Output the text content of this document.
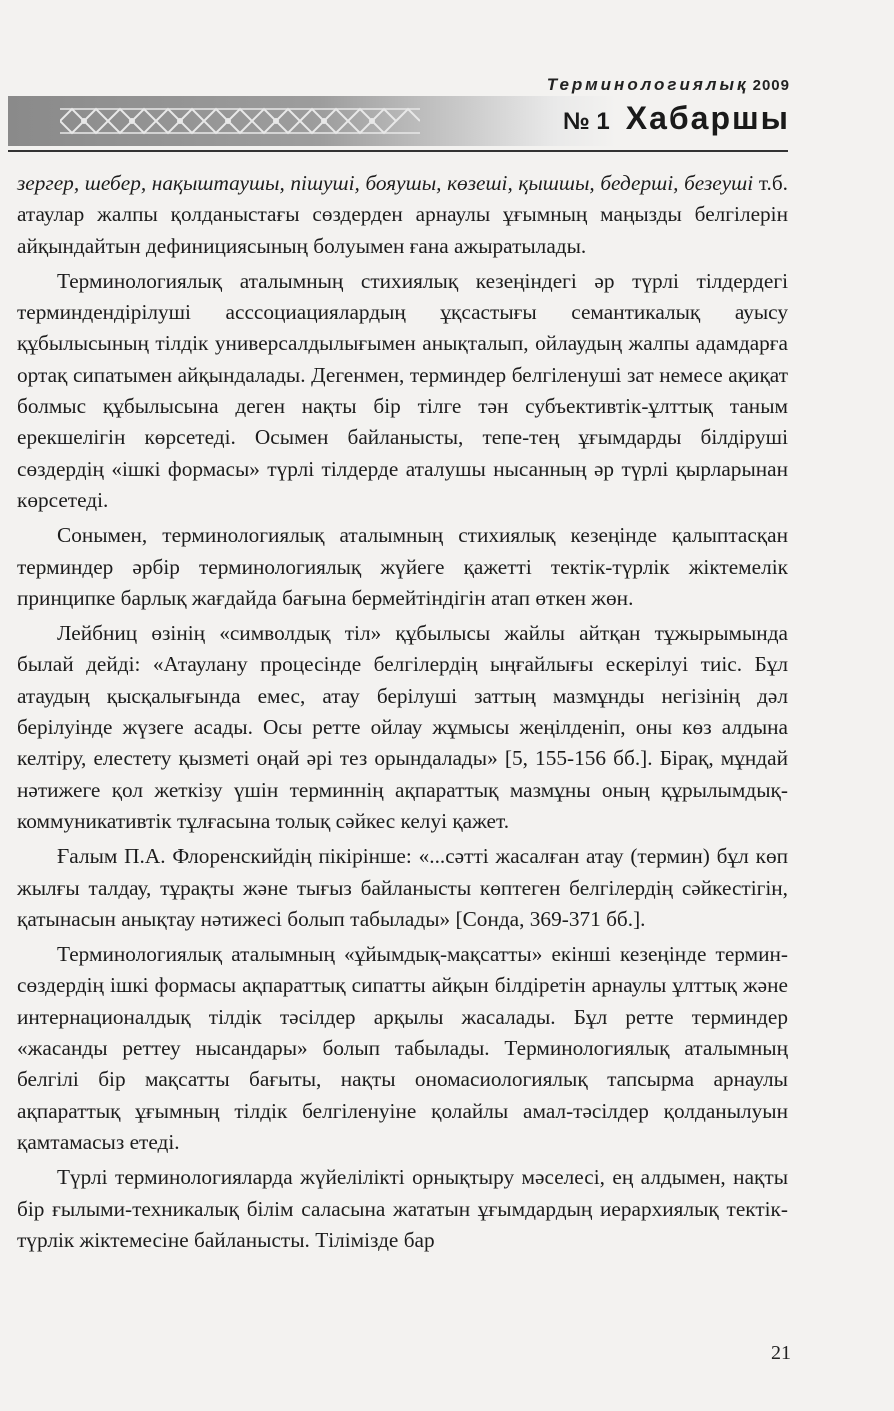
Терминологиялық 2009
№ 1 Хабаршы

зергер, шебер, нақыштаушы, пішуші, бояушы, көзеші, қышшы, бедерші, безеуші т.б. атаулар жалпы қолданыстағы сөздерден арнаулы ұғымның маңызды белгілерін айқындайтын дефинициясының болуымен ғана ажыратылады.

Терминологиялық аталымның стихиялық кезеңіндегі әр түрлі тілдердегі терминдендірілуші асссоциациялардың ұқсастығы семантикалық ауысу құбылысының тілдік универсалдылығымен анықталып, ойлаудың жалпы адамдарға ортақ сипатымен айқындалады. Дегенмен, терминдер белгіленуші зат немесе ақиқат болмыс құбылысына деген нақты бір тілге тән субъективтік-ұлттық таным ерекшелігін көрсетеді. Осымен байланысты, тепе-тең ұғымдарды білдіруші сөздердің «ішкі формасы» түрлі тілдерде аталушы нысанның әр түрлі қырларынан көрсетеді.

Сонымен, терминологиялық аталымның стихиялық кезеңінде қалыптасқан терминдер әрбір терминологиялық жүйеге қажетті тектік-түрлік жіктемелік принципке барлық жағдайда бағына бермейтіндігін атап өткен жөн.

Лейбниц өзінің «символдық тіл» құбылысы жайлы айтқан тұжырымында былай дейді: «Атаулану процесінде белгілердің ыңғайлығы ескерілуі тиіс. Бұл атаудың қысқалығында емес, атау берілуші заттың мазмұнды негізінің дәл берілуінде жүзеге асады. Осы ретте ойлау жұмысы жеңілденіп, оны көз алдына келтіру, елестету қызметі оңай әрі тез орындалады» [5, 155-156 бб.]. Бірақ, мұндай нәтижеге қол жеткізу үшін терминнің ақпараттық мазмұны оның құрылымдық-коммуникативтік тұлғасына толық сәйкес келуі қажет.

Ғалым П.А. Флоренскийдің пікірінше: «...сәтті жасалған атау (термин) бұл көп жылғы талдау, тұрақты және тығыз байланысты көптеген белгілердің сәйкестігін, қатынасын анықтау нәтижесі болып табылады» [Сонда, 369-371 бб.].

Терминологиялық аталымның «ұйымдық-мақсатты» екінші кезеңінде термин-сөздердің ішкі формасы ақпараттық сипатты айқын білдіретін арнаулы ұлттық және интернационалдық тілдік тәсілдер арқылы жасалады. Бұл ретте терминдер «жасанды реттеу нысандары» болып табылады. Терминологиялық аталымның белгілі бір мақсатты бағыты, нақты ономасиологиялық тапсырма арнаулы ақпараттық ұғымның тілдік белгіленуіне қолайлы амал-тәсілдер қолданылуын қамтамасыз етеді.

Түрлі терминологияларда жүйелілікті орнықтыру мәселесі, ең алдымен, нақты бір ғылыми-техникалық білім саласына жататын ұғымдардың иерархиялық тектік-түрлік жіктемесіне байланысты. Тілімізде бар

21
